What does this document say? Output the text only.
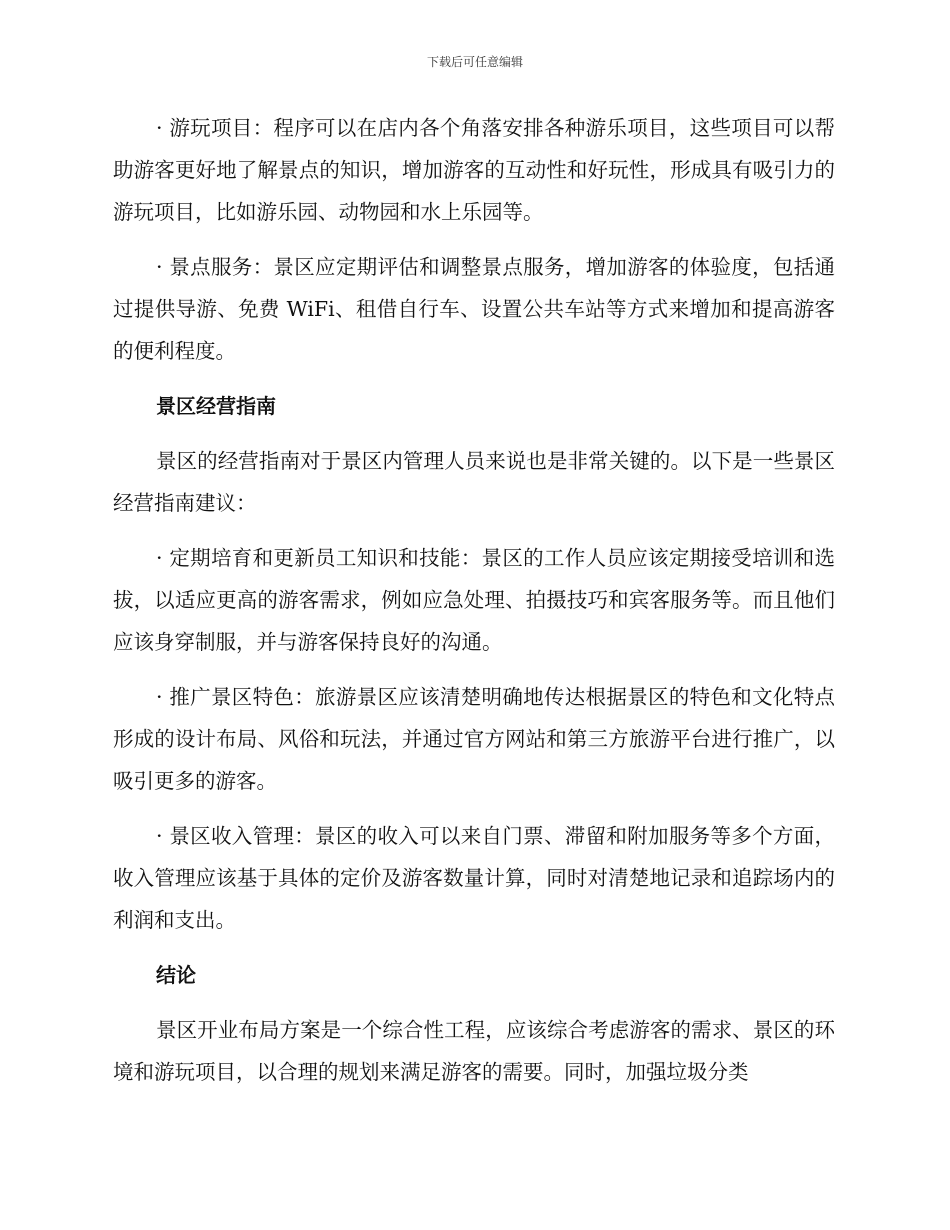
下载后可任意编辑

· 游玩项目：程序可以在店内各个角落安排各种游乐项目，这些项目可以帮助游客更好地了解景点的知识，增加游客的互动性和好玩性，形成具有吸引力的游玩项目，比如游乐园、动物园和水上乐园等。

· 景点服务：景区应定期评估和调整景点服务，增加游客的体验度，包括通过提供导游、免费 WiFi、租借自行车、设置公共车站等方式来增加和提高游客的便利程度。

景区经营指南

景区的经营指南对于景区内管理人员来说也是非常关键的。以下是一些景区经营指南建议：

· 定期培育和更新员工知识和技能：景区的工作人员应该定期接受培训和选拔，以适应更高的游客需求，例如应急处理、拍摄技巧和宾客服务等。而且他们应该身穿制服，并与游客保持良好的沟通。

· 推广景区特色：旅游景区应该清楚明确地传达根据景区的特色和文化特点形成的设计布局、风俗和玩法，并通过官方网站和第三方旅游平台进行推广，以吸引更多的游客。

· 景区收入管理：景区的收入可以来自门票、滞留和附加服务等多个方面，收入管理应该基于具体的定价及游客数量计算，同时对清楚地记录和追踪场内的利润和支出。

结论

景区开业布局方案是一个综合性工程，应该综合考虑游客的需求、景区的环境和游玩项目，以合理的规划来满足游客的需要。同时，加强垃圾分类
